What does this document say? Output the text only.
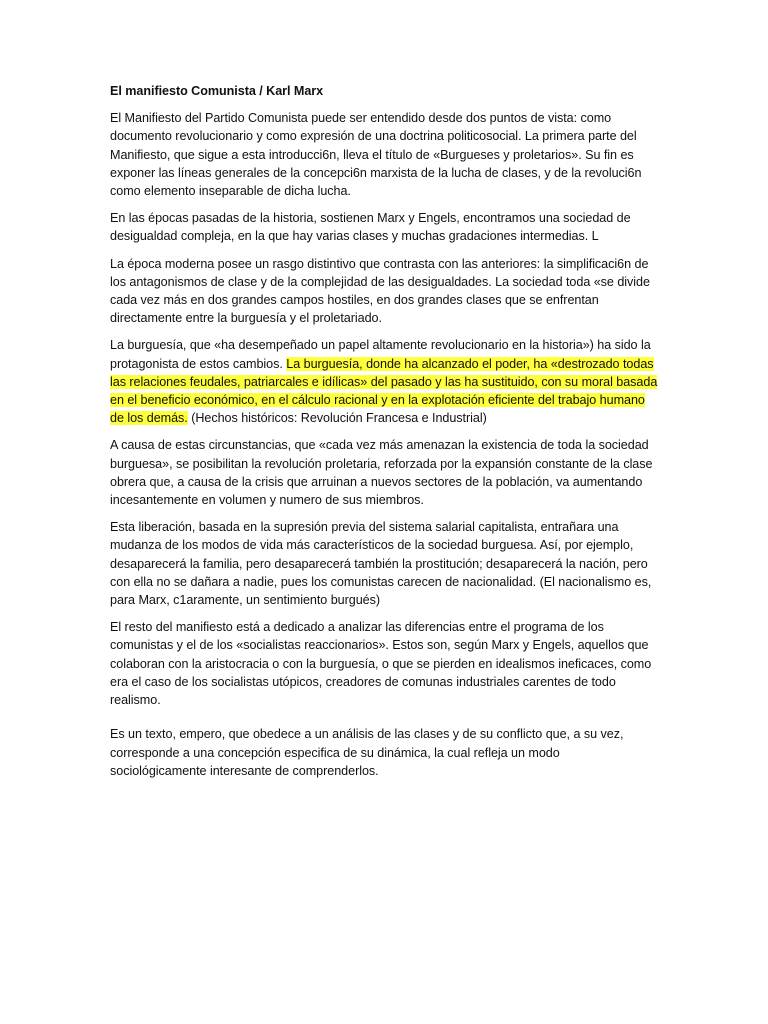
El manifiesto Comunista / Karl Marx

El Manifiesto del Partido Comunista puede ser entendido desde dos puntos de vista: como documento revolucionario y como expresión de una doctrina politicosocial. La primera parte del Manifiesto, que sigue a esta introducci6n, lleva el título de «Burgueses y proletarios». Su fin es exponer las líneas generales de la concepci6n marxista de la lucha de clases, y de la revoluci6n como elemento inseparable de dicha lucha.

En las épocas pasadas de la historia, sostienen Marx y Engels, encontramos una sociedad de desigualdad compleja, en la que hay varias clases y muchas gradaciones intermedias. L

La época moderna posee un rasgo distintivo que contrasta con las anteriores: la simplificaci6n de los antagonismos de clase y de la complejidad de las desigualdades. La sociedad toda «se divide cada vez más en dos grandes campos hostiles, en dos grandes clases que se enfrentan directamente entre la burguesía y el proletariado.

La burguesía, que «ha desempeñado un papel altamente revolucionario en la historia») ha sido la protagonista de estos cambios. La burguesía, donde ha alcanzado el poder, ha «destrozado todas las relaciones feudales, patriarcales e idílicas» del pasado y las ha sustituido, con su moral basada en el beneficio económico, en el cálculo racional y en la explotación eficiente del trabajo humano de los demás. (Hechos históricos: Revolución Francesa e Industrial)

A causa de estas circunstancias, que «cada vez más amenazan la existencia de toda la sociedad burguesa», se posibilitan la revolución proletaria, reforzada por la expansión constante de la clase obrera que, a causa de la crisis que arruinan a nuevos sectores de la población, va aumentando incesantemente en volumen y numero de sus miembros.

Esta liberación, basada en la supresión previa del sistema salarial capitalista, entrañara una mudanza de los modos de vida más característicos de la sociedad burguesa. Así, por ejemplo, desaparecerá la familia, pero desaparecerá también la prostitución; desaparecerá la nación, pero con ella no se dañara a nadie, pues los comunistas carecen de nacionalidad. (El nacionalismo es, para Marx, c1aramente, un sentimiento burgués)

El resto del manifiesto está a dedicado a analizar las diferencias entre el programa de los comunistas y el de los «socialistas reaccionarios». Estos son, según Marx y Engels, aquellos que colaboran con la aristocracia o con la burguesía, o que se pierden en idealismos ineficaces, como era el caso de los socialistas utópicos, creadores de comunas industriales carentes de todo realismo.

Es un texto, empero, que obedece a un análisis de las clases y de su conflicto que, a su vez, corresponde a una concepción especifica de su dinámica, la cual refleja un modo sociológicamente interesante de comprenderlos.
